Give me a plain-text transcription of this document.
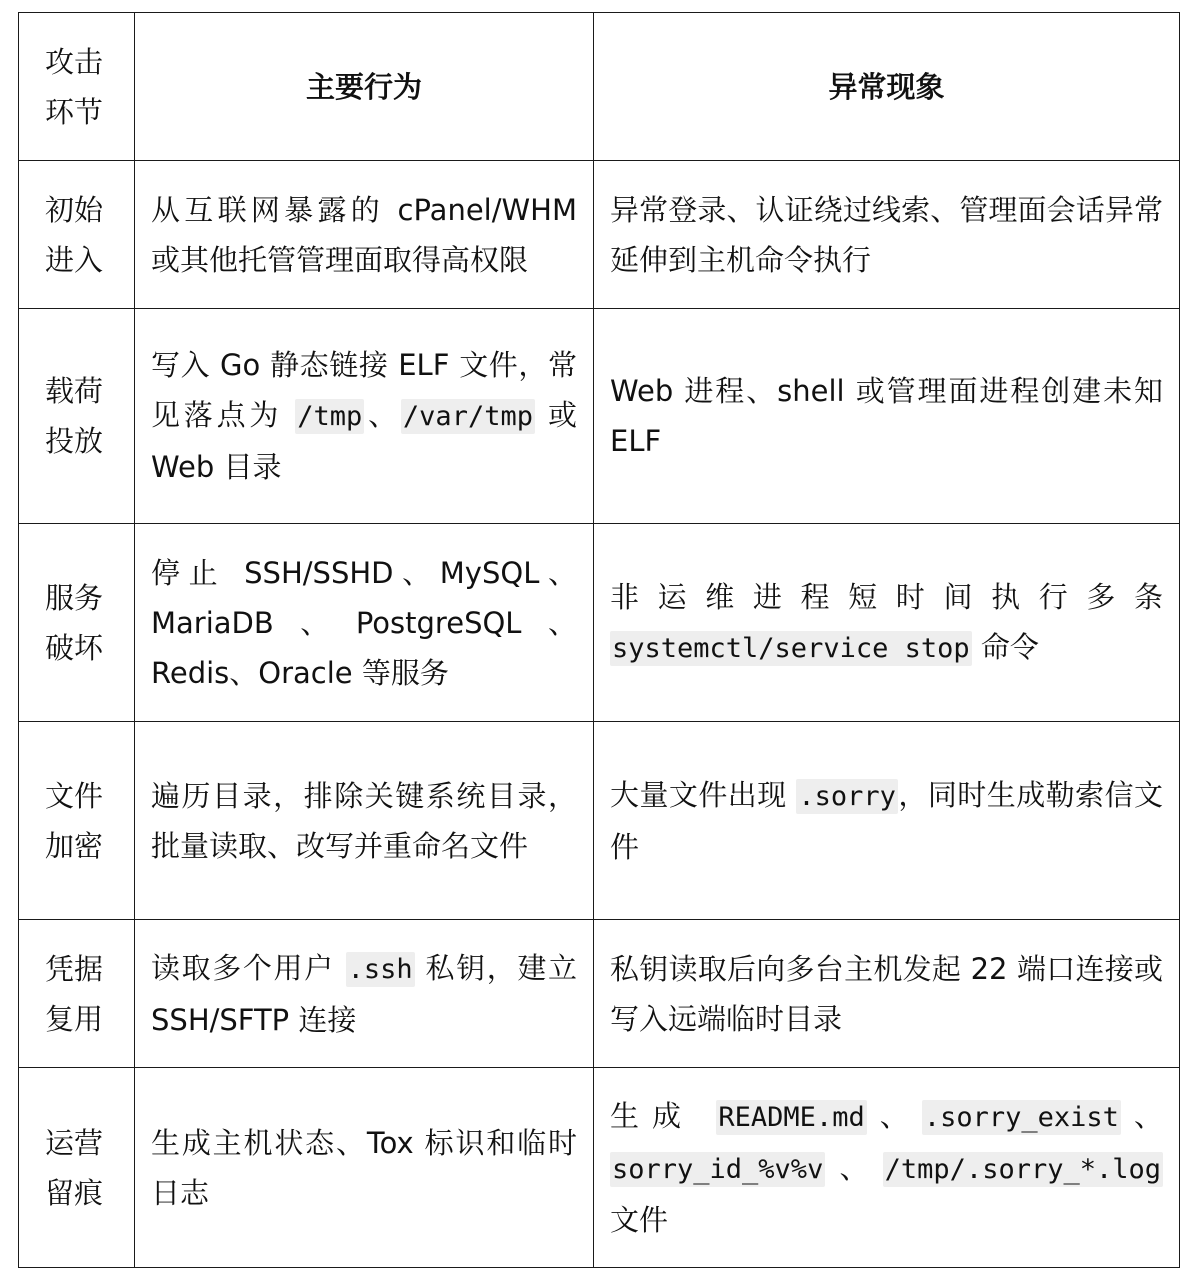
攻击
环节	主要行为	异常现象
初始
进入	从互联网暴露的 cPanel/WHM 或其他托管管理面取得高权限	异常登录、认证绕过线索、管理面会话异常延伸到主机命令执行
载荷
投放	写入 Go 静态链接 ELF 文件，常见落点为 /tmp、/var/tmp 或 Web 目录	Web 进程、shell 或管理面进程创建未知 ELF
服务
破坏	停止 SSH/SSHD、MySQL、MariaDB、PostgreSQL、Redis、Oracle 等服务	非运维进程短时间执行多条 systemctl/service stop 命令
文件
加密	遍历目录，排除关键系统目录，批量读取、改写并重命名文件	大量文件出现 .sorry，同时生成勒索信文件
凭据
复用	读取多个用户 .ssh 私钥，建立 SSH/SFTP 连接	私钥读取后向多台主机发起 22 端口连接或写入远端临时目录
运营
留痕	生成主机状态、Tox 标识和临时日志	生成 README.md、.sorry_exist、sorry_id_%v%v、/tmp/.sorry_*.log 文件
